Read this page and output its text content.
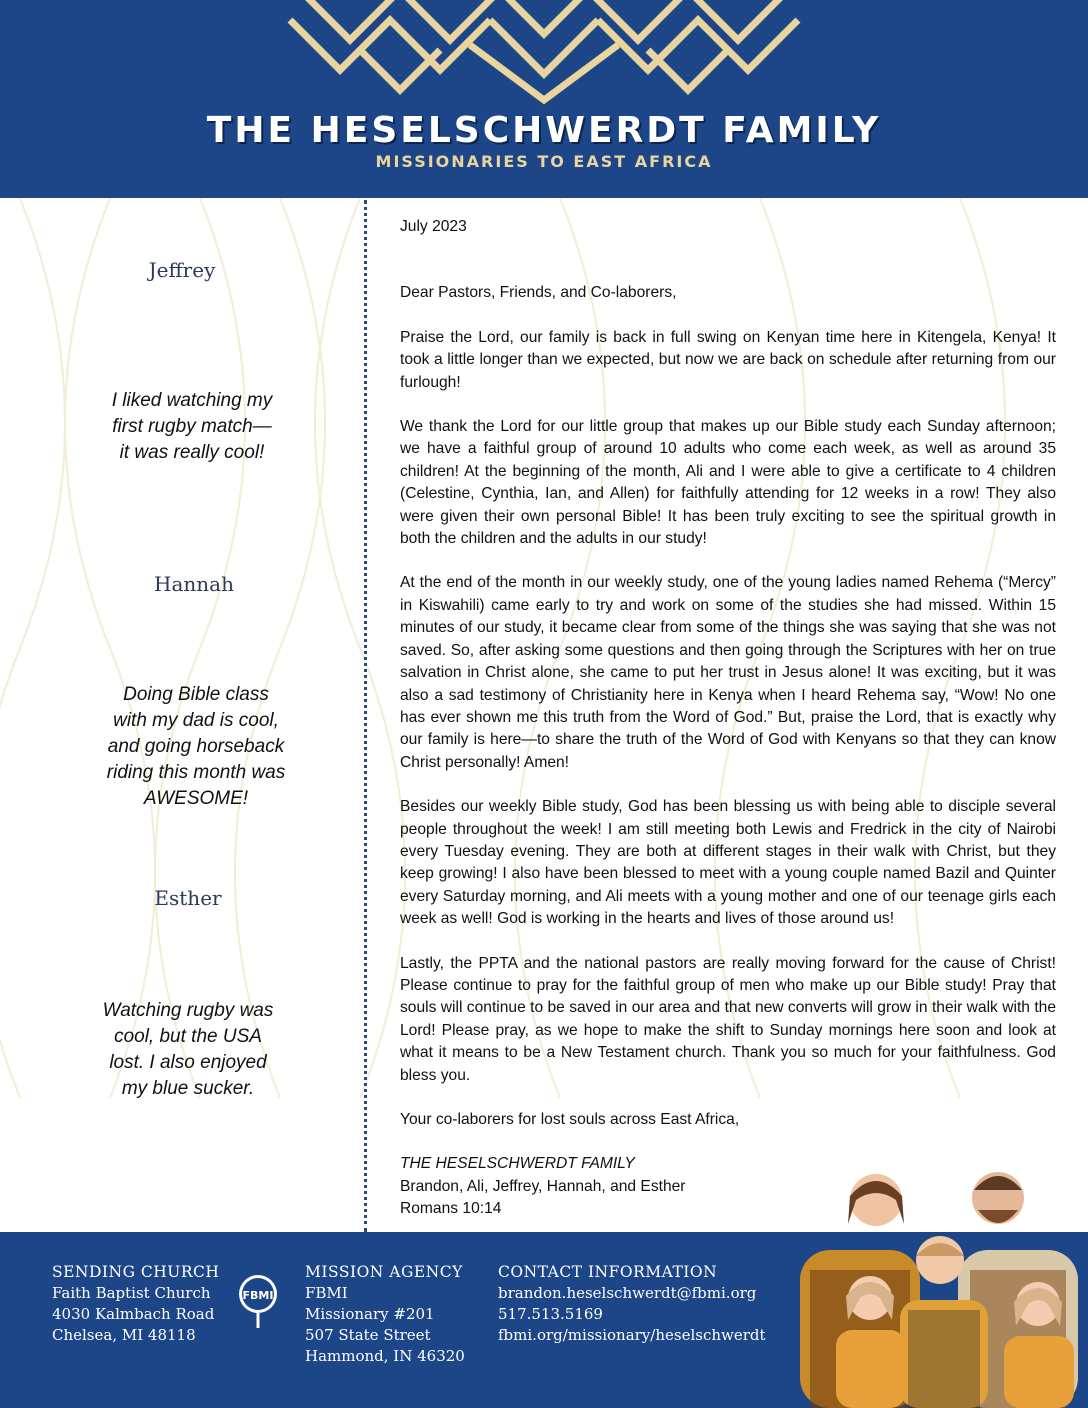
THE HESELSCHWERDT FAMILY
MISSIONARIES TO EAST AFRICA
Jeffrey
I liked watching my
first rugby match—
it was really cool!
Hannah
Doing Bible class
with my dad is cool,
and going horseback
riding this month was
AWESOME!
Esther
Watching rugby was
cool, but the USA
lost. I also enjoyed
my blue sucker.

July 2023

Dear Pastors, Friends, and Co-laborers,

Praise the Lord, our family is back in full swing on Kenyan time here in Kitengela, Kenya! It took a little longer than we expected, but now we are back on schedule after returning from our furlough!

We thank the Lord for our little group that makes up our Bible study each Sunday afternoon; we have a faithful group of around 10 adults who come each week, as well as around 35 children! At the beginning of the month, Ali and I were able to give a certificate to 4 children (Celestine, Cynthia, Ian, and Allen) for faithfully attending for 12 weeks in a row! They also were given their own personal Bible! It has been truly exciting to see the spiritual growth in both the children and the adults in our study!

At the end of the month in our weekly study, one of the young ladies named Rehema (“Mercy” in Kiswahili) came early to try and work on some of the studies she had missed. Within 15 minutes of our study, it became clear from some of the things she was saying that she was not saved. So, after asking some questions and then going through the Scriptures with her on true salvation in Christ alone, she came to put her trust in Jesus alone! It was exciting, but it was also a sad testimony of Christianity here in Kenya when I heard Rehema say, “Wow! No one has ever shown me this truth from the Word of God.” But, praise the Lord, that is exactly why our family is here—to share the truth of the Word of God with Kenyans so that they can know Christ personally! Amen!

Besides our weekly Bible study, God has been blessing us with being able to disciple several people throughout the week! I am still meeting both Lewis and Fredrick in the city of Nairobi every Tuesday evening. They are both at different stages in their walk with Christ, but they keep growing! I also have been blessed to meet with a young couple named Bazil and Quinter every Saturday morning, and Ali meets with a young mother and one of our teenage girls each week as well! God is working in the hearts and lives of those around us!

Lastly, the PPTA and the national pastors are really moving forward for the cause of Christ! Please continue to pray for the faithful group of men who make up our Bible study! Pray that souls will continue to be saved in our area and that new converts will grow in their walk with the Lord! Please pray, as we hope to make the shift to Sunday mornings here soon and look at what it means to be a New Testament church. Thank you so much for your faithfulness. God bless you.

Your co-laborers for lost souls across East Africa,

THE HESELSCHWERDT FAMILY
Brandon, Ali, Jeffrey, Hannah, and Esther
Romans 10:14
SENDING CHURCH
Faith Baptist Church
4030 Kalmbach Road
Chelsea, MI 48118
FBMI
MISSION AGENCY
FBMI
Missionary #201
507 State Street
Hammond, IN 46320
CONTACT INFORMATION
brandon.heselschwerdt@fbmi.org
517.513.5169
fbmi.org/missionary/heselschwerdt
